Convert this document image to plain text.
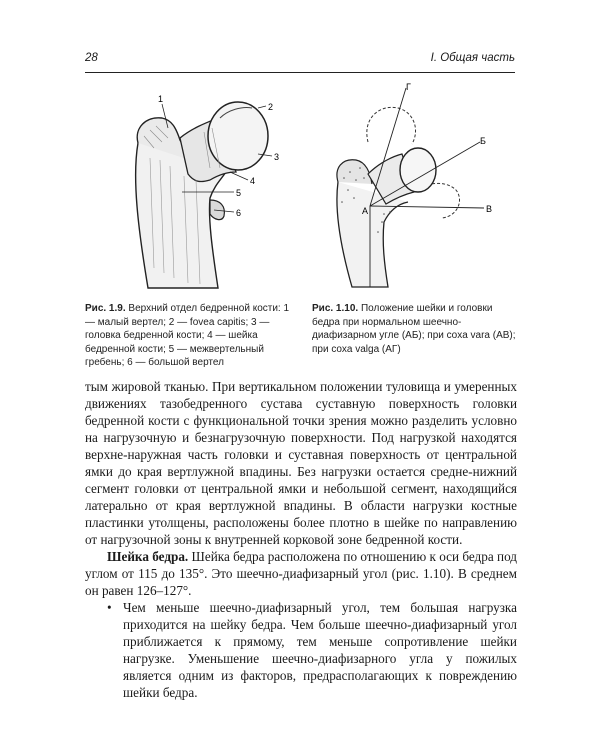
28	I. Общая часть
1
2
3
4
5
6
Рис. 1.9. Верхний отдел бедренной кости: 1 — малый вертел; 2 — fovea capitis; 3 — головка бедренной кости; 4 — шейка бедренной кости; 5 — межвертельный гребень; 6 — большой вертел
Г
Б
В
А
Рис. 1.10. Положение шейки и головки бедра при нормальном шеечно-диафизарном угле (АБ); при coxa vara (АВ); при coxa valga (АГ)

тым жировой тканью. При вертикальном положении туловища и умеренных движениях тазобедренного сустава суставную поверхность головки бедренной кости с функциональной точки зрения можно разделить условно на нагрузочную и безнагрузочную поверхности. Под нагрузкой находятся верхне-наружная часть головки и суставная поверхность от центральной ямки до края вертлужной впадины. Без нагрузки остается средне-нижний сегмент головки от центральной ямки и небольшой сегмент, находящийся латерально от края вертлужной впадины. В области нагрузки костные пластинки утолщены, расположены более плотно в шейке по направлению от нагрузочной зоны к внутренней корковой зоне бедренной кости.

Шейка бедра. Шейка бедра расположена по отношению к оси бедра под углом от 115 до 135°. Это шеечно-диафизарный угол (рис. 1.10). В среднем он равен 126–127°.

• Чем меньше шеечно-диафизарный угол, тем большая нагрузка приходится на шейку бедра. Чем больше шеечно-диафизарный угол приближается к прямому, тем меньше сопротивление шейки нагрузке. Уменьшение шеечно-диафизарного угла у пожилых является одним из факторов, предрасполагающих к повреждению шейки бедра.
